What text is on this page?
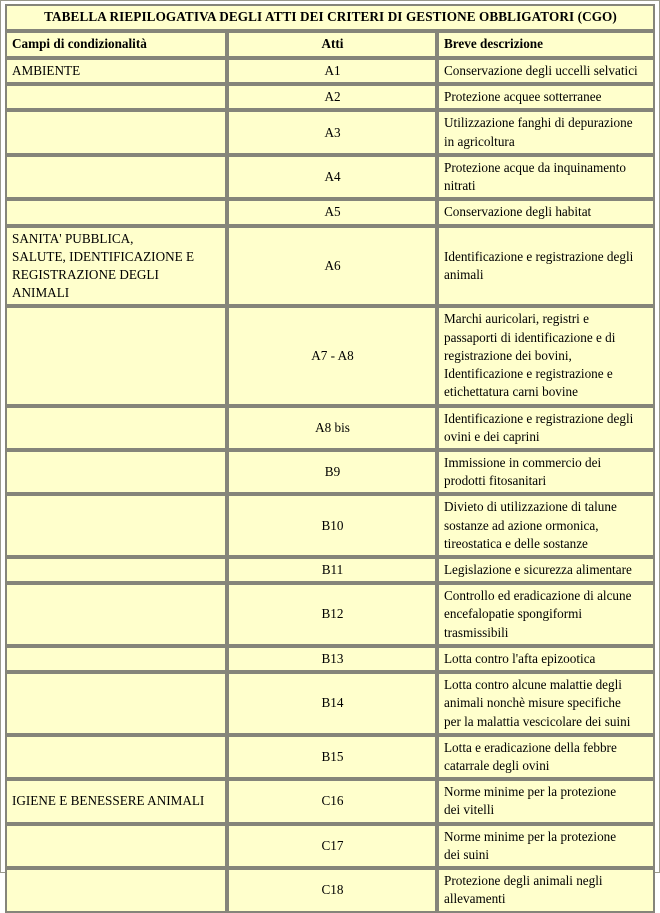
TABELLA RIEPILOGATIVA DEGLI ATTI DEI CRITERI DI GESTIONE OBBLIGATORI (CGO)		
Campi di condizionalità	Atti	Breve descrizione

AMBIENTE	A1	Conservazione degli uccelli selvatici

	A2	Protezione acquee sotterranee

	A3	Utilizzazione fanghi di depurazione
in agricoltura

	A4	Protezione acque da inquinamento
nitrati

	A5	Conservazione degli habitat

SANITA' PUBBLICA,
SALUTE, IDENTIFICAZIONE E
REGISTRAZIONE DEGLI
ANIMALI	A6	Identificazione e registrazione degli
animali

	A7 - A8	Marchi auricolari, registri e
passaporti di identificazione e di
registrazione dei bovini,
Identificazione e registrazione e
etichettatura carni bovine

	A8 bis	Identificazione e registrazione degli
ovini e dei caprini

	B9	Immissione in commercio dei
prodotti fitosanitari

	B10	Divieto di utilizzazione di talune
sostanze ad azione ormonica,
tireostatica e delle sostanze

	B11	Legislazione e sicurezza alimentare

	B12	Controllo ed eradicazione di alcune
encefalopatie spongiformi
trasmissibili

	B13	Lotta contro l'afta epizootica

	B14	Lotta contro alcune malattie degli
animali nonchè misure specifiche
per la malattia vescicolare dei suini

	B15	Lotta e eradicazione della febbre
catarrale degli ovini

IGIENE E BENESSERE ANIMALI	C16	Norme minime per la protezione
dei vitelli

	C17	Norme minime per la protezione
dei suini

	C18	Protezione degli animali negli
allevamenti
